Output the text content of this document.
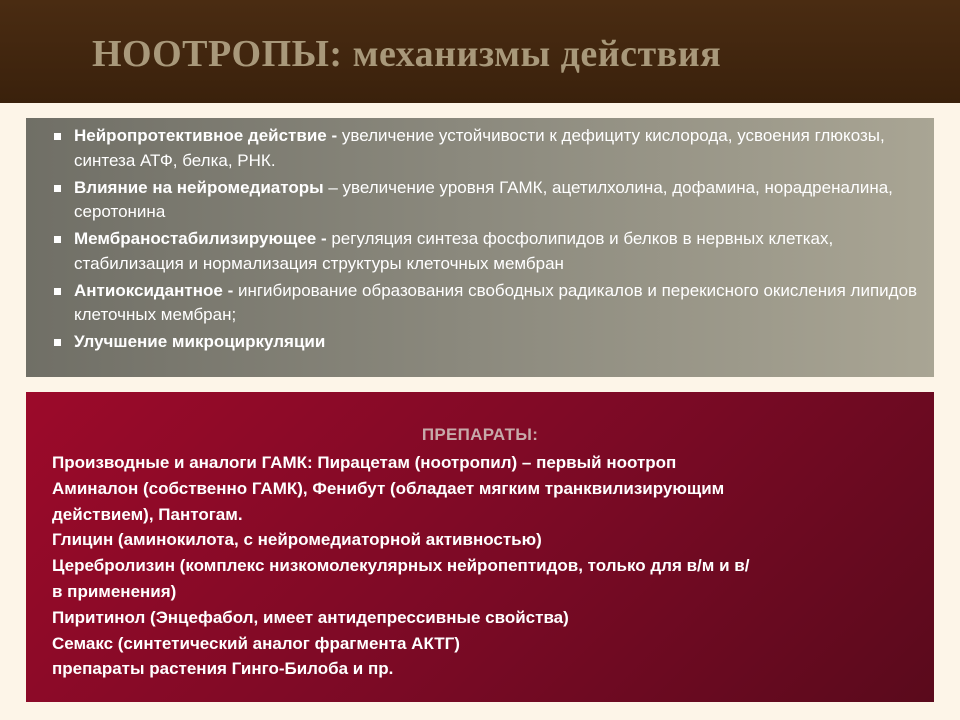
НООТРОПЫ: механизмы действия
Нейропротективное действие - увеличение устойчивости к дефициту кислорода, усвоения глюкозы, синтеза АТФ, белка, РНК.
Влияние на нейромедиаторы – увеличение уровня ГАМК, ацетилхолина, дофамина, норадреналина, серотонина
Мембраностабилизирующее - регуляция синтеза фосфолипидов и белков в нервных клетках, стабилизация и нормализация структуры клеточных мембран
Антиоксидантное - ингибирование образования свободных радикалов и перекисного окисления липидов клеточных мембран;
Улучшение микроциркуляции
ПРЕПАРАТЫ:
Производные и аналоги ГАМК: Пирацетам (ноотропил) – первый ноотроп
Аминалон (собственно ГАМК), Фенибут (обладает мягким транквилизирующим
действием), Пантогам.
Глицин (аминокилота, с нейромедиаторной активностью)
Церебролизин (комплекс низкомолекулярных нейропептидов, только для в/м и в/
в применения)
Пиритинол (Энцефабол, имеет антидепрессивные свойства)
Семакс (синтетический аналог фрагмента АКТГ)
препараты растения Гинго-Билоба и пр.
